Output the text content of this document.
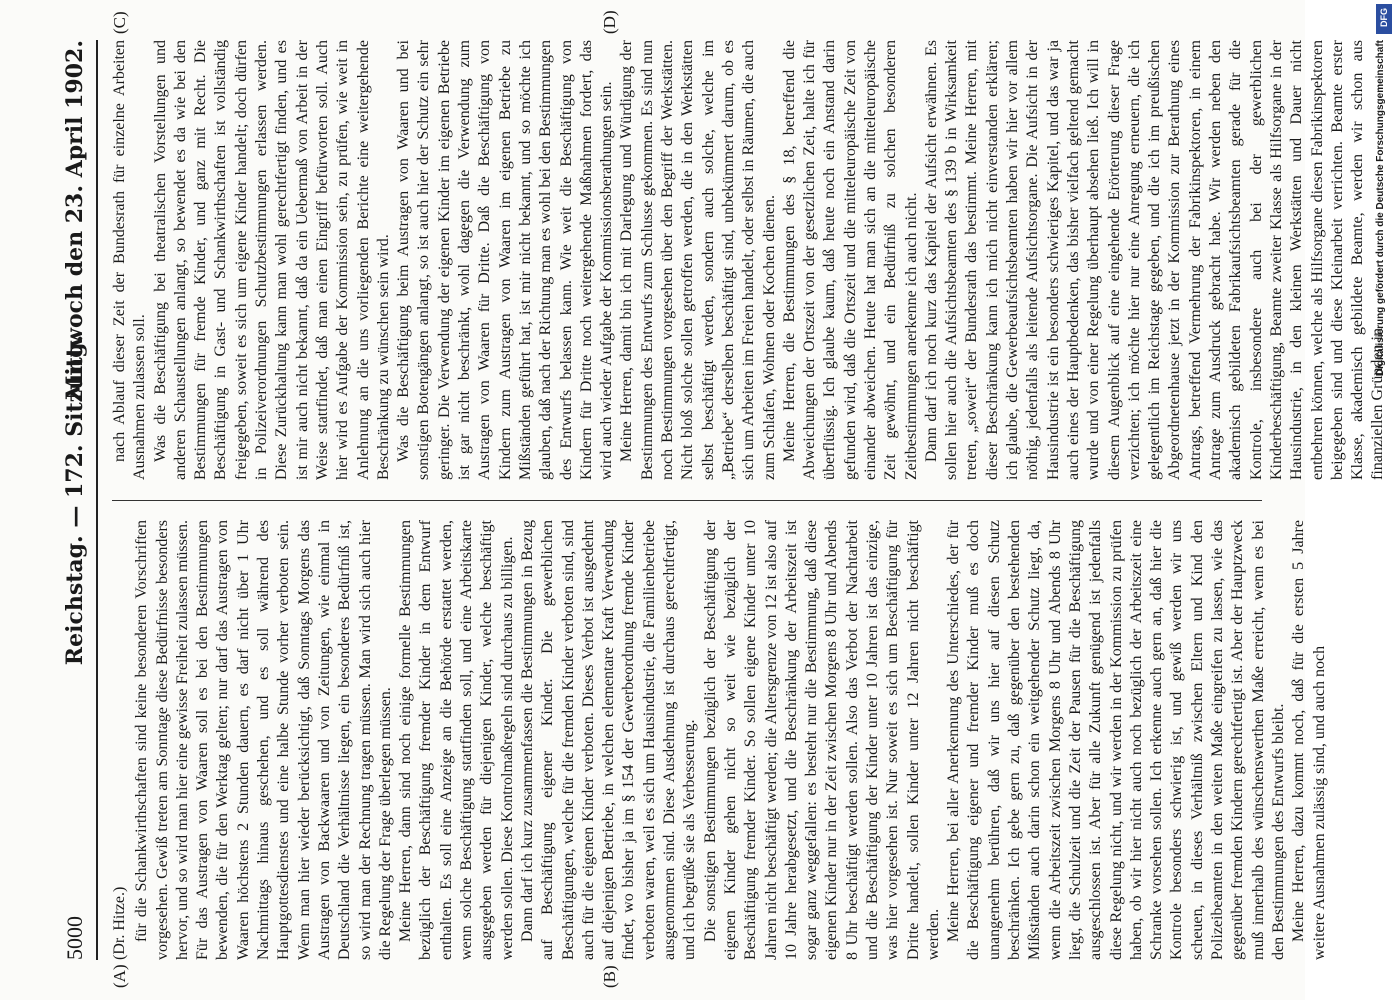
5000
Reichstag. — 172. Sitzung.
Mittwoch den 23. April 1902.
(A)	(B)
(C)	(D)

(Dr. Hitze.) für die Schankwirthschaften sind keine besonderen Vorschriften vorgesehen. Gewiß treten am Sonntage diese Bedürfnisse besonders hervor, und so wird man hier eine gewisse Freiheit zulassen müssen. Für das Austragen von Waaren soll es bei den Bestimmungen bewenden, die für den Werktag gelten; nur darf das Austragen von Waaren höchstens 2 Stunden dauern, es darf nicht über 1 Uhr Nachmittags hinaus geschehen, und es soll während des Hauptgottesdienstes und eine halbe Stunde vorher verboten sein. Wenn man hier wieder berücksichtigt, daß Sonntags Morgens das Austragen von Backwaaren und von Zeitungen, wie einmal in Deutschland die Verhältnisse liegen, ein besonderes Bedürfniß ist, so wird man der Rechnung tragen müssen. Man wird sich auch hier die Regelung der Frage überlegen müssen. Meine Herren, dann sind noch einige formelle Bestimmungen bezüglich der Beschäftigung fremder Kinder in dem Entwurf enthalten. Es soll eine Anzeige an die Behörde erstattet werden, wenn solche Beschäftigung stattfinden soll, und eine Arbeitskarte ausgegeben werden für diejenigen Kinder, welche beschäftigt werden sollen. Diese Kontrolmaßregeln sind durchaus zu billigen. Dann darf ich kurz zusammenfassen die Bestimmungen in Bezug auf Beschäftigung eigener Kinder. Die gewerblichen Beschäftigungen, welche für die fremden Kinder verboten sind, sind auch für die eigenen Kinder verboten. Dieses Verbot ist ausgedehnt auf diejenigen Betriebe, in welchen elementare Kraft Verwendung findet, wo bisher ja im § 154 der Gewerbeordnung fremde Kinder verboten waren, weil es sich um Hausindustrie, die Familienbetriebe ausgenommen sind. Diese Ausdehnung ist durchaus gerechtfertigt, und ich begrüße sie als Verbesserung. Die sonstigen Bestimmungen bezüglich der Beschäftigung der eigenen Kinder gehen nicht so weit wie bezüglich der Beschäftigung fremder Kinder. So sollen eigene Kinder unter 10 Jahren nicht beschäftigt werden; die Altersgrenze von 12 ist also auf 10 Jahre herabgesetzt, und die Beschränkung der Arbeitszeit ist sogar ganz weggefallen: es besteht nur die Bestimmung, daß diese eigenen Kinder nur in der Zeit zwischen Morgens 8 Uhr und Abends 8 Uhr beschäftigt werden sollen. Also das Verbot der Nachtarbeit und die Beschäftigung der Kinder unter 10 Jahren ist das einzige, was hier vorgesehen ist. Nur soweit es sich um Beschäftigung für Dritte handelt, sollen Kinder unter 12 Jahren nicht beschäftigt werden. Meine Herren, bei aller Anerkennung des Unterschiedes, der für die Beschäftigung eigener und fremder Kinder muß es doch unangenehm berühren, daß wir uns hier auf diesen Schutz beschränken. Ich gebe gern zu, daß gegenüber den bestehenden Mißständen auch darin schon ein weitgehender Schutz liegt, da, wenn die Arbeitszeit zwischen Morgens 8 Uhr und Abends 8 Uhr liegt, die Schulzeit und die Zeit der Pausen für die Beschäftigung ausgeschlossen ist. Aber für alle Zukunft genügend ist jedenfalls diese Regelung nicht, und wir werden in der Kommission zu prüfen haben, ob wir hier nicht auch noch bezüglich der Arbeitszeit eine Schranke vorsehen sollen. Ich erkenne auch gern an, daß hier die Kontrole besonders schwierig ist, und gewiß werden wir uns scheuen, in dieses Verhältniß zwischen Eltern und Kind den Polizeibeamten in den weiten Maße eingreifen zu lassen, wie das gegenüber fremden Kindern gerechtfertigt ist. Aber der Hauptzweck muß innerhalb des wünschenswerthen Maße erreicht, wenn es bei den Bestimmungen des Entwurfs bleibt. Meine Herren, dazu kommt noch, daß für die ersten 5 Jahre weitere Ausnahmen zulässig sind, und auch noch

nach Ablauf dieser Zeit der Bundesrath für einzelne Arbeiten Ausnahmen zulassen soll. Was die Beschäftigung bei theatralischen Vorstellungen und anderen Schaustellungen anlangt, so bewendet es da wie bei den Bestimmungen für fremde Kinder, und ganz mit Recht. Die Beschäftigung in Gast- und Schankwirthschaften ist vollständig freigegeben, soweit es sich um eigene Kinder handelt; doch dürfen in Polizeiverordnungen Schutzbestimmungen erlassen werden. Diese Zurückhaltung kann man wohl gerechtfertigt finden, und es ist mir auch nicht bekannt, daß da ein Uebermaß von Arbeit in der Weise stattfindet, daß man einen Eingriff befürworten soll. Auch hier wird es Aufgabe der Kommission sein, zu prüfen, wie weit in Anlehnung an die uns vorliegenden Berichte eine weitergehende Beschränkung zu wünschen sein wird. Was die Beschäftigung beim Austragen von Waaren und bei sonstigen Botengängen anlangt, so ist auch hier der Schutz ein sehr geringer. Die Verwendung der eigenen Kinder im eigenen Betriebe ist gar nicht beschränkt, wohl dagegen die Verwendung zum Austragen von Waaren für Dritte. Daß die Beschäftigung von Kindern zum Austragen von Waaren im eigenen Betriebe zu Mißständen geführt hat, ist mir nicht bekannt, und so möchte ich glauben, daß nach der Richtung man es wohl bei den Bestimmungen des Entwurfs belassen kann. Wie weit die Beschäftigung von Kindern für Dritte noch weitergehende Maßnahmen fordert, das wird auch wieder Aufgabe der Kommissionsberathungen sein. Meine Herren, damit bin ich mit Darlegung und Würdigung der Bestimmungen des Entwurfs zum Schlusse gekommen. Es sind nun noch Bestimmungen vorgesehen über den Begriff der Werkstätten. Nicht bloß solche sollen getroffen werden, die in den Werkstätten selbst beschäftigt werden, sondern auch solche, welche im „Betriebe“ derselben beschäftigt sind, unbekümmert darum, ob es sich um Arbeiten im Freien handelt, oder selbst in Räumen, die auch zum Schlafen, Wohnen oder Kochen dienen. Meine Herren, die Bestimmungen des § 18, betreffend die Abweichungen der Ortszeit von der gesetzlichen Zeit, halte ich für überflüssig. Ich glaube kaum, daß heute noch ein Anstand darin gefunden wird, daß die Ortszeit und die mitteleuropäische Zeit von einander abweichen. Heute hat man sich an die mitteleuropäische Zeit gewöhnt, und ein Bedürfniß zu solchen besonderen Zeitbestimmungen anerkenne ich auch nicht. Dann darf ich noch kurz das Kapitel der Aufsicht erwähnen. Es sollen hier auch die Aufsichtsbeamten des § 139 b in Wirksamkeit treten, „soweit“ der Bundesrath das bestimmt. Meine Herren, mit dieser Beschränkung kann ich mich nicht einverstanden erklären; ich glaube, die Gewerbeaufsichtsbeamten haben wir hier vor allem nöthig, jedenfalls als leitende Aufsichtsorgane. Die Aufsicht in der Hausindustrie ist ein besonders schwieriges Kapitel, und das war ja auch eines der Hauptbedenken, das bisher vielfach geltend gemacht wurde und von einer Regelung überhaupt absehen ließ. Ich will in diesem Augenblick auf eine eingehende Erörterung dieser Frage verzichten; ich möchte hier nur eine Anregung erneuern, die ich gelegentlich im Reichstage gegeben, und die ich im preußischen Abgeordnetenhause jetzt in der Kommission zur Berathung eines Antrags, betreffend Vermehrung der Fabrikinspektoren, in einem Antrage zum Ausdruck gebracht habe. Wir werden neben den akademisch gebildeten Fabrikaufsichtsbeamten gerade für die Kontrole, insbesondere auch bei der gewerblichen Kinderbeschäftigung, Beamte zweiter Klasse als Hilfsorgane in der Hausindustrie, in den kleinen Werkstätten und Dauer nicht entbehren können, welche als Hilfsorgane diesen Fabrikinspektoren beigegeben sind und diese Kleinarbeit verrichten. Beamte erster Klasse, akademisch gebildete Beamte, werden wir schon aus finanziellen Gründen in

Digitalisierung gefördert durch die Deutsche Forschungsgemeinschaft
DFG
